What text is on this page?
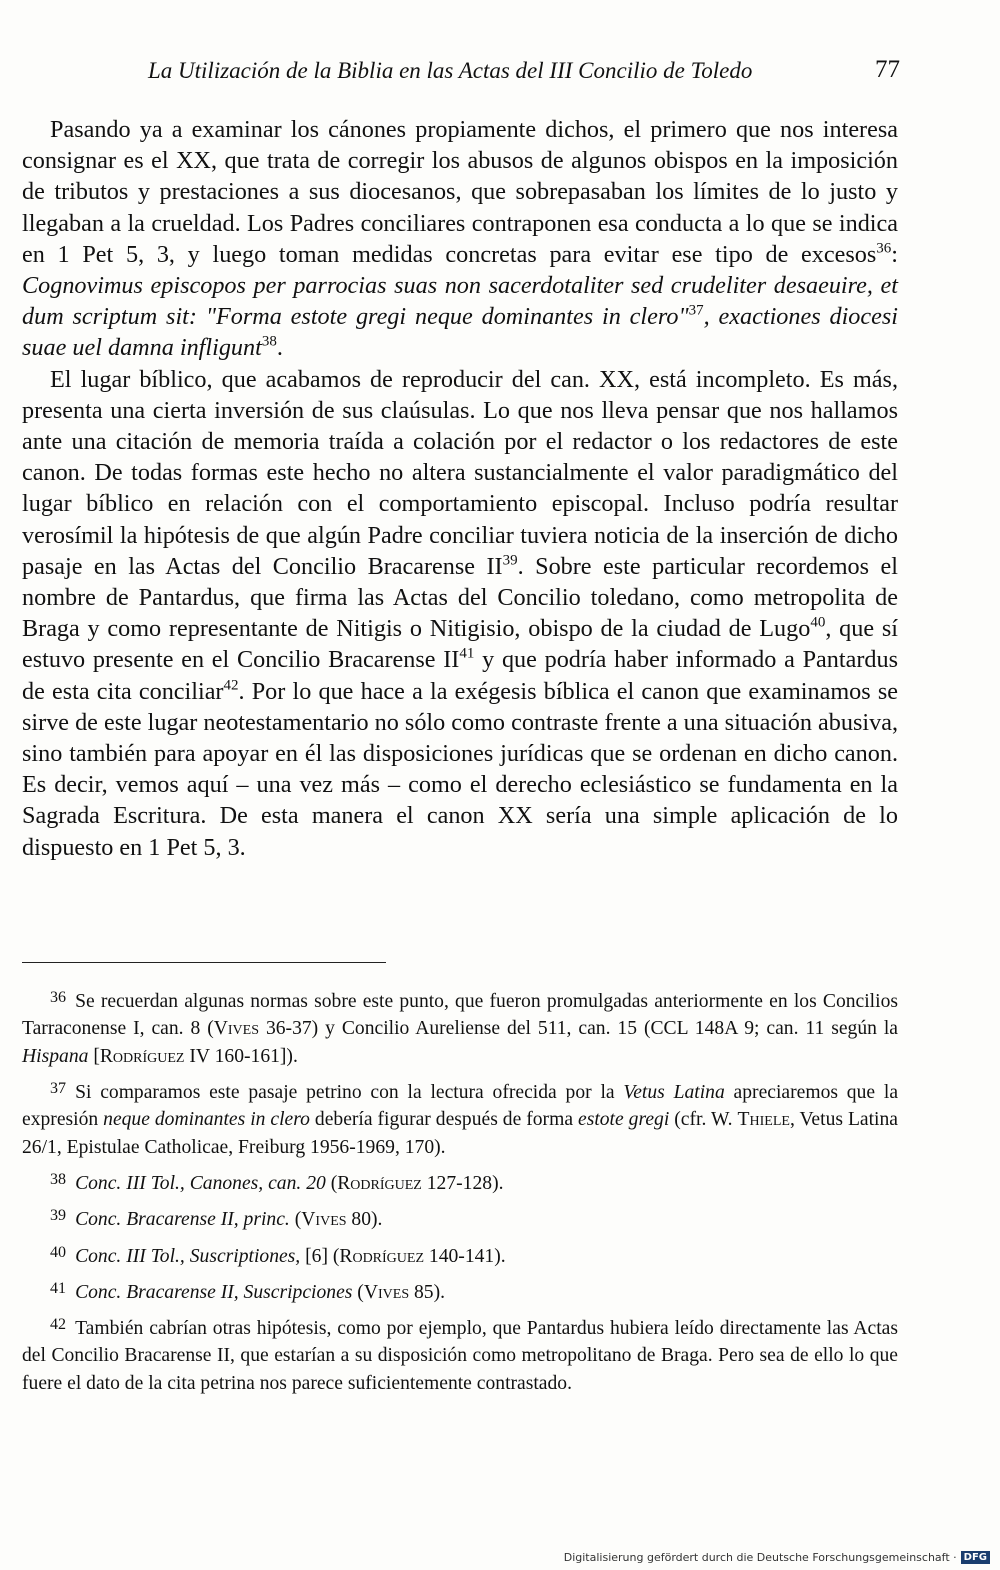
La Utilización de la Biblia en las Actas del III Concilio de Toledo	77

Pasando ya a examinar los cánones propiamente dichos, el primero que nos interesa consignar es el XX, que trata de corregir los abusos de algunos obispos en la imposición de tributos y prestaciones a sus diocesanos, que sobrepasaban los límites de lo justo y llegaban a la crueldad. Los Padres conciliares contraponen esa conducta a lo que se indica en 1 Pet 5, 3, y luego toman medidas concretas para evitar ese tipo de excesos$^{36}$: Cognovimus episcopos per parrocias suas non sacerdotaliter sed crudeliter desaeuire, et dum scriptum sit: "Forma estote gregi neque dominantes in clero"$^{37}$, exactiones diocesi suae uel damna infligunt$^{38}$.

El lugar bíblico, que acabamos de reproducir del can. XX, está incompleto. Es más, presenta una cierta inversión de sus claúsulas. Lo que nos lleva pensar que nos hallamos ante una citación de memoria traída a colación por el redactor o los redactores de este canon. De todas formas este hecho no altera sustancialmente el valor paradigmático del lugar bíblico en relación con el comportamiento episcopal. Incluso podría resultar verosímil la hipótesis de que algún Padre conciliar tuviera noticia de la inserción de dicho pasaje en las Actas del Concilio Bracarense II$^{39}$. Sobre este particular recordemos el nombre de Pantardus, que firma las Actas del Concilio toledano, como metropolita de Braga y como representante de Nitigis o Nitigisio, obispo de la ciudad de Lugo$^{40}$, que sí estuvo presente en el Concilio Bracarense II$^{41}$ y que podría haber informado a Pantardus de esta cita conciliar$^{42}$. Por lo que hace a la exégesis bíblica el canon que examinamos se sirve de este lugar neotestamentario no sólo como contraste frente a una situación abusiva, sino también para apoyar en él las disposiciones jurídicas que se ordenan en dicho canon. Es decir, vemos aquí – una vez más – como el derecho eclesiástico se fundamenta en la Sagrada Escritura. De esta manera el canon XX sería una simple aplicación de lo dispuesto en 1 Pet 5, 3.

$^{36}$ Se recuerdan algunas normas sobre este punto, que fueron promulgadas anteriormente en los Concilios Tarraconense I, can. 8 (Vives 36-37) y Concilio Aureliense del 511, can. 15 (CCL 148A 9; can. 11 según la Hispana [Rodríguez IV 160-161]).

$^{37}$ Si comparamos este pasaje petrino con la lectura ofrecida por la Vetus Latina apreciaremos que la expresión neque dominantes in clero debería figurar después de forma estote gregi (cfr. W. Thiele, Vetus Latina 26/1, Epistulae Catholicae, Freiburg 1956-1969, 170).

$^{38}$ Conc. III Tol., Canones, can. 20 (Rodríguez 127-128).

$^{39}$ Conc. Bracarense II, princ. (Vives 80).

$^{40}$ Conc. III Tol., Suscriptiones, [6] (Rodríguez 140-141).

$^{41}$ Conc. Bracarense II, Suscripciones (Vives 85).

$^{42}$ También cabrían otras hipótesis, como por ejemplo, que Pantardus hubiera leído directamente las Actas del Concilio Bracarense II, que estarían a su disposición como metropolitano de Braga. Pero sea de ello lo que fuere el dato de la cita petrina nos parece suficientemente contrastado.

Digitalisierung gefördert durch die Deutsche Forschungsgemeinschaft · DFG
